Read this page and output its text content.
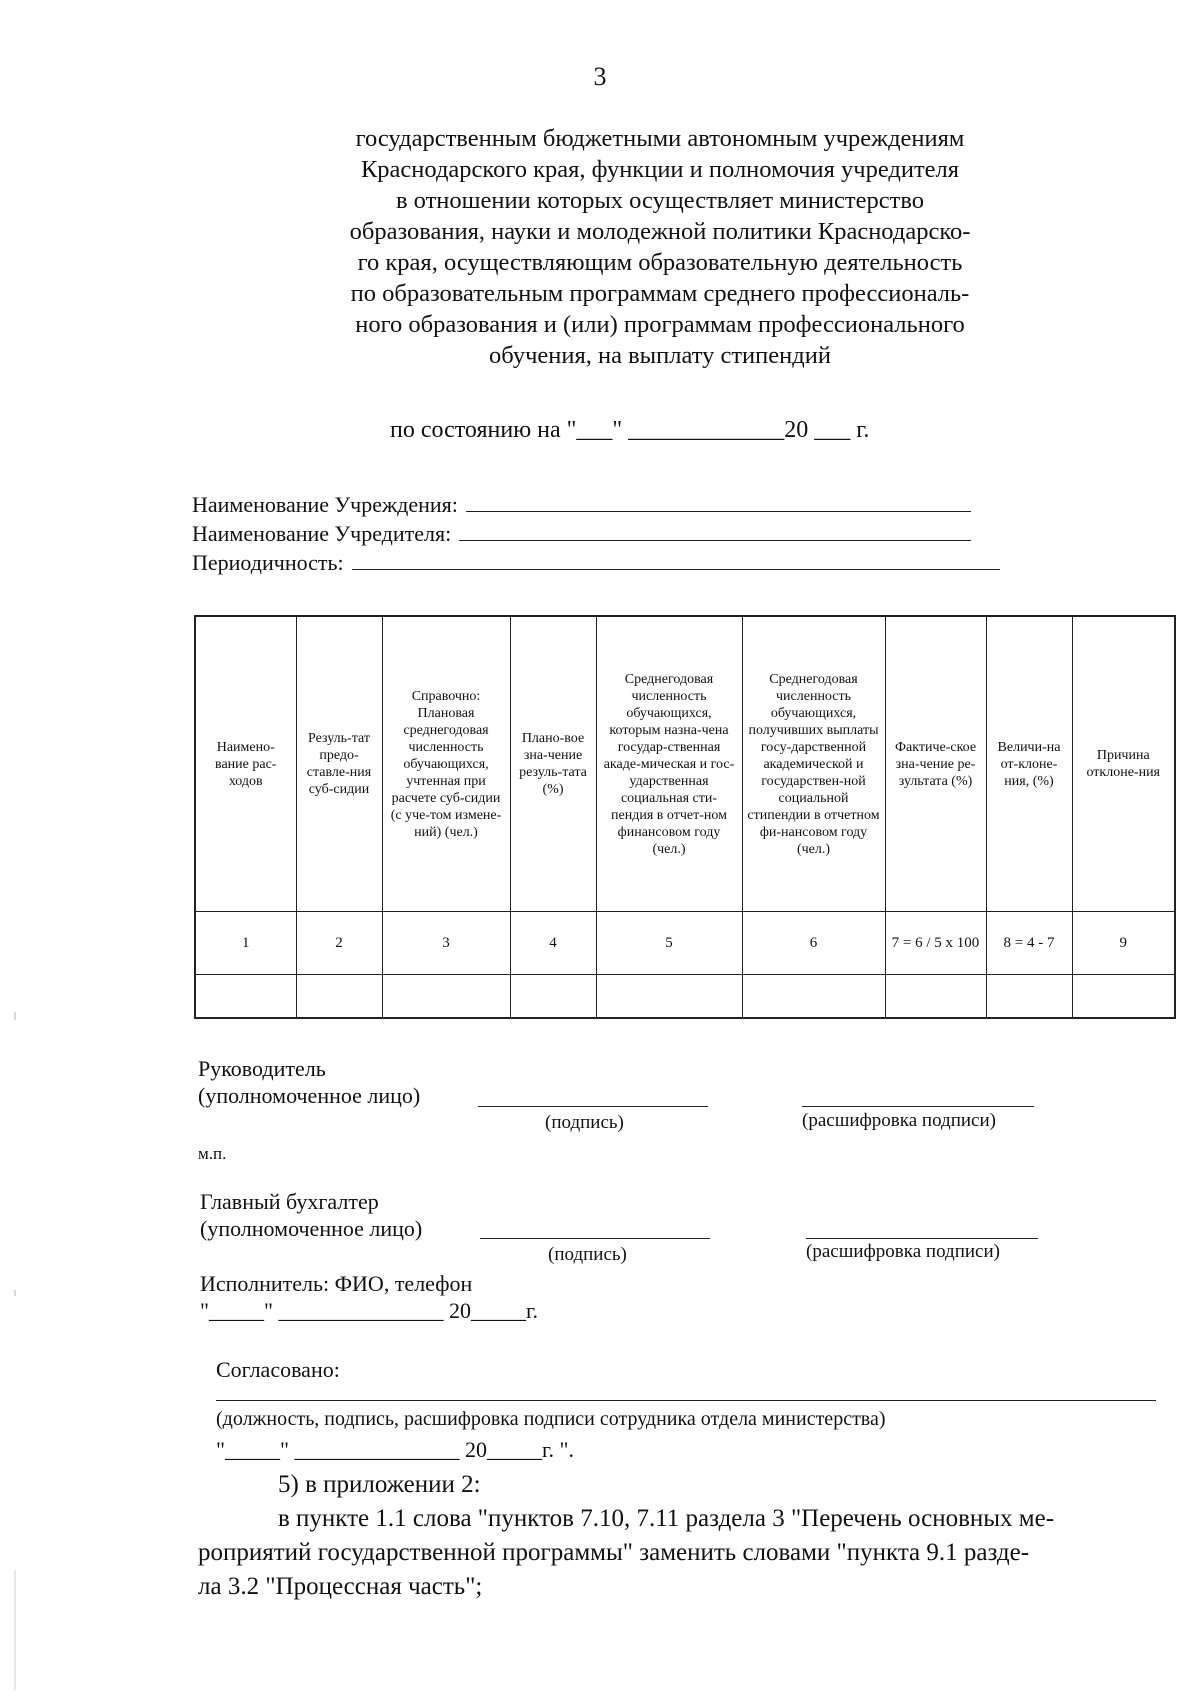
3
государственным бюджетными автономным учреждениям
Краснодарского края, функции и полномочия учредителя
в отношении которых осуществляет министерство
образования, науки и молодежной политики Краснодарско-
го края, осуществляющим образовательную деятельность
по образовательным программам среднего профессиональ-
ного образования и (или) программам профессионального
обучения, на выплату стипендий
по состоянию на "___" _____________20 ___ г.
Наименование Учреждения:
Наименование Учредителя:
Периодичность:
Наимено-вание рас-ходов	Резуль-тат предо-ставле-ния суб-сидии	Справочно: Плановая среднегодовая численность обучающихся, учтенная при расчете суб-сидии (с уче-том измене-ний) (чел.)	Плано-вое зна-чение резуль-тата (%)	Среднегодовая численность обучающихся, которым назна-чена государ-ственная акаде-мическая и гос-ударственная социальная сти-пендия в отчет-ном финансовом году (чел.)	Среднегодовая численность обучающихся, получивших выплаты госу-дарственной академической и государствен-ной социальной стипендии в отчетном фи-нансовом году (чел.)	Фактиче-ское зна-чение ре-зультата (%)	Величи-на от-клоне-ния, (%)	Причина отклоне-ния
1	2	3	4	5	6	7 = 6 / 5 x 100	8 = 4 - 7	9

Руководитель
(уполномоченное лицо)
(подпись)	(расшифровка подписи)
м.п.
Главный бухгалтер
(уполномоченное лицо)
(подпись)	(расшифровка подписи)
Исполнитель: ФИО, телефон
"_____" _______________ 20_____г.
Согласовано:
(должность, подпись, расшифровка подписи сотрудника отдела министерства)
"_____" _______________ 20_____г. ".
5) в приложении 2:
в пункте 1.1 слова "пунктов 7.10, 7.11 раздела 3 "Перечень основных ме-
роприятий государственной программы" заменить словами "пункта 9.1 разде-
ла 3.2 "Процессная часть";
